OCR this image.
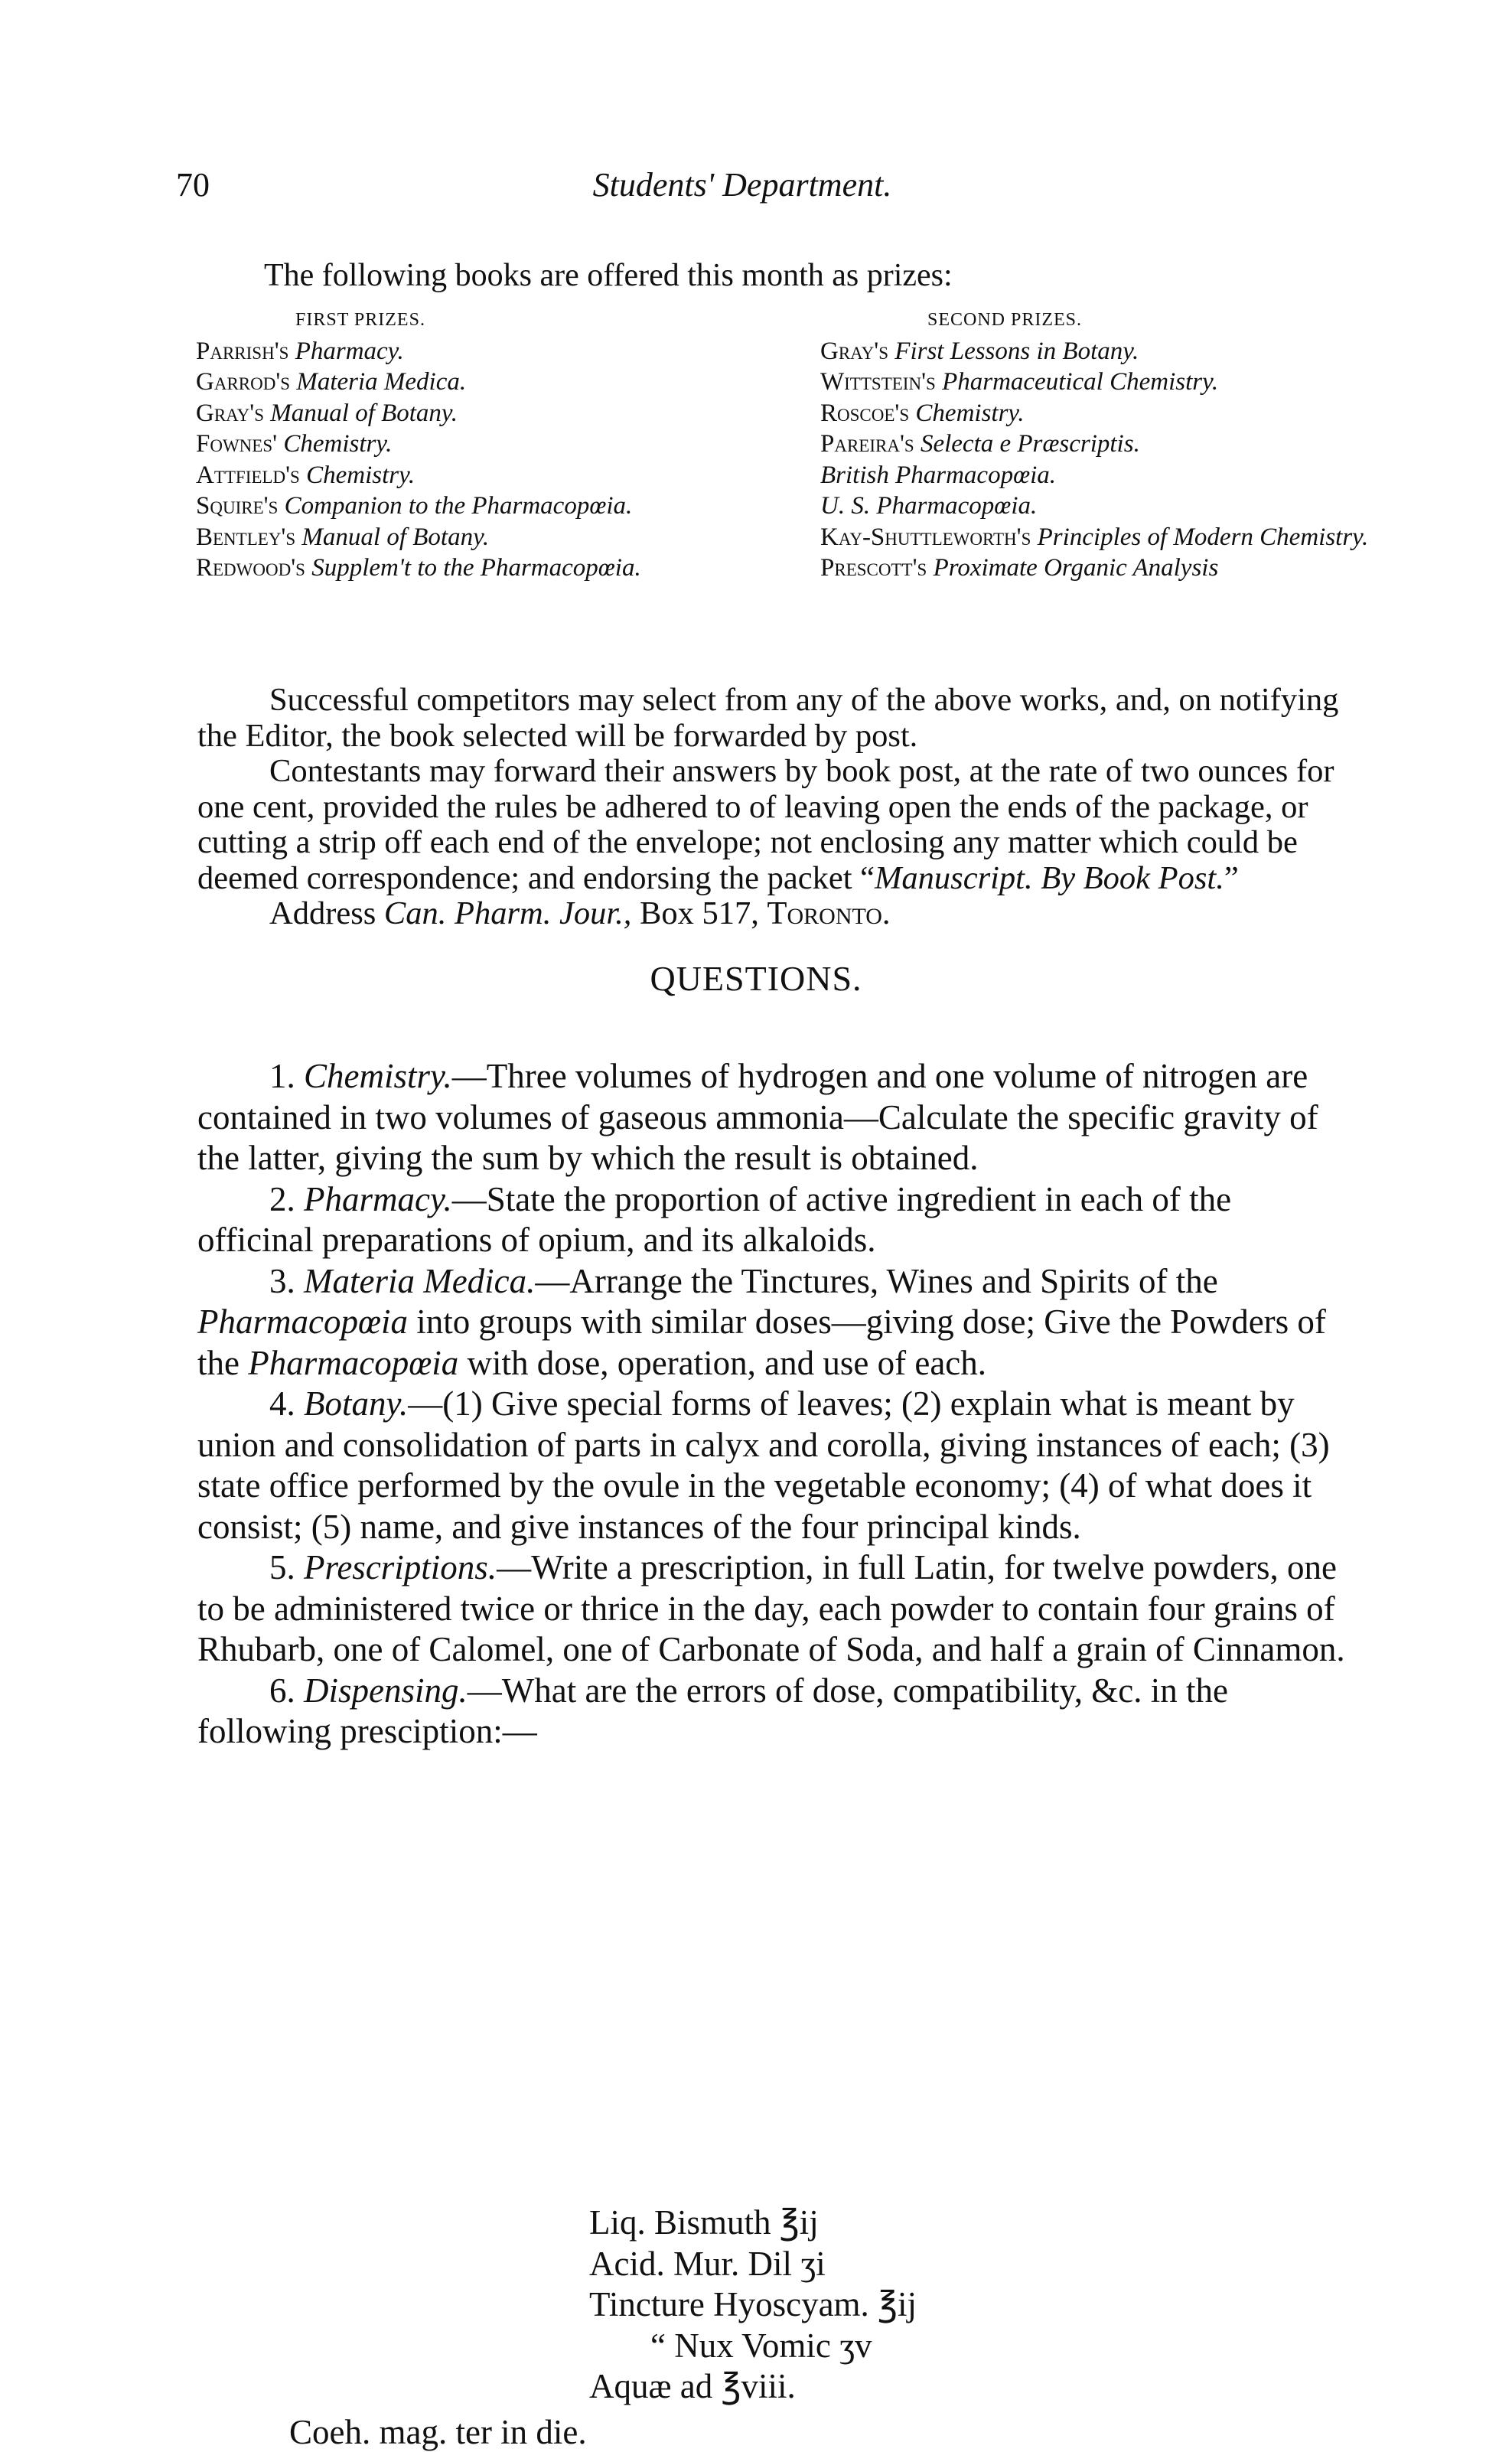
70	Students' Department.
The following books are offered this month as prizes:
FIRST PRIZES.
Parrish's Pharmacy.
Garrod's Materia Medica.
Gray's Manual of Botany.
Fownes' Chemistry.
Attfield's Chemistry.
Squire's Companion to the Pharmacopœia.
Bentley's Manual of Botany.
Redwood's Supplem't to the Pharmacopœia.
SECOND PRIZES.
Gray's First Lessons in Botany.
Wittstein's Pharmaceutical Chemistry.
Roscoe's Chemistry.
Pareira's Selecta e Præscriptis.
British Pharmacopœia.
U. S. Pharmacopœia.
Kay-Shuttleworth's Principles of Modern Chemistry.
Prescott's Proximate Organic Analysis

Successful competitors may select from any of the above works, and, on notifying the Editor, the book selected will be forwarded by post.

Contestants may forward their answers by book post, at the rate of two ounces for one cent, provided the rules be adhered to of leaving open the ends of the package, or cutting a strip off each end of the envelope; not enclosing any matter which could be deemed correspondence; and endorsing the packet “Manuscript. By Book Post.”

Address Can. Pharm. Jour., Box 517, Toronto.

QUESTIONS.

1. Chemistry.—Three volumes of hydrogen and one volume of nitrogen are contained in two volumes of gaseous ammonia—Calculate the specific gravity of the latter, giving the sum by which the result is obtained.

2. Pharmacy.—State the proportion of active ingredient in each of the officinal preparations of opium, and its alkaloids.

3. Materia Medica.—Arrange the Tinctures, Wines and Spirits of the Pharmacopœia into groups with similar doses—giving dose; Give the Powders of the Pharmacopœia with dose, operation, and use of each.

4. Botany.—(1) Give special forms of leaves; (2) explain what is meant by union and consolidation of parts in calyx and corolla, giving instances of each; (3) state office performed by the ovule in the vegetable economy; (4) of what does it consist; (5) name, and give instances of the four principal kinds.

5. Prescriptions.—Write a prescription, in full Latin, for twelve powders, one to be administered twice or thrice in the day, each powder to contain four grains of Rhubarb, one of Calomel, one of Carbonate of Soda, and half a grain of Cinnamon.

6. Dispensing.—What are the errors of dose, compatibility, &c. in the following presciption:—

Liq. Bismuth ℥ij
Acid. Mur. Dil ʒi
Tincture Hyoscyam. ℥ij
“ Nux Vomic ʒv
Aquæ ad ℥viii.
Coeh. mag. ter in die.
